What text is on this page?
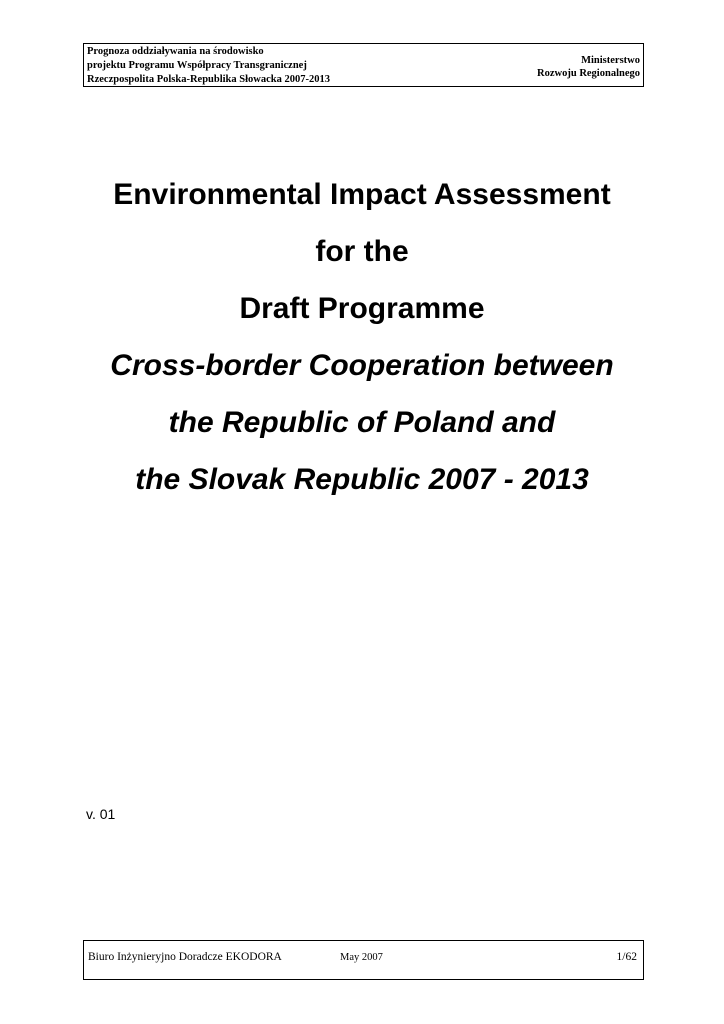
Prognoza oddziaływania na środowisko
projektu Programu Współpracy Transgranicznej
Rzeczpospolita Polska-Republika Słowacka 2007-2013
Ministerstwo
Rozwoju Regionalnego
Environmental Impact Assessment
for the
Draft Programme
Cross-border Cooperation between
the Republic of Poland and
the Slovak Republic 2007 - 2013
v. 01
Biuro Inżynieryjno Doradcze EKODORA	May 2007	1/62
